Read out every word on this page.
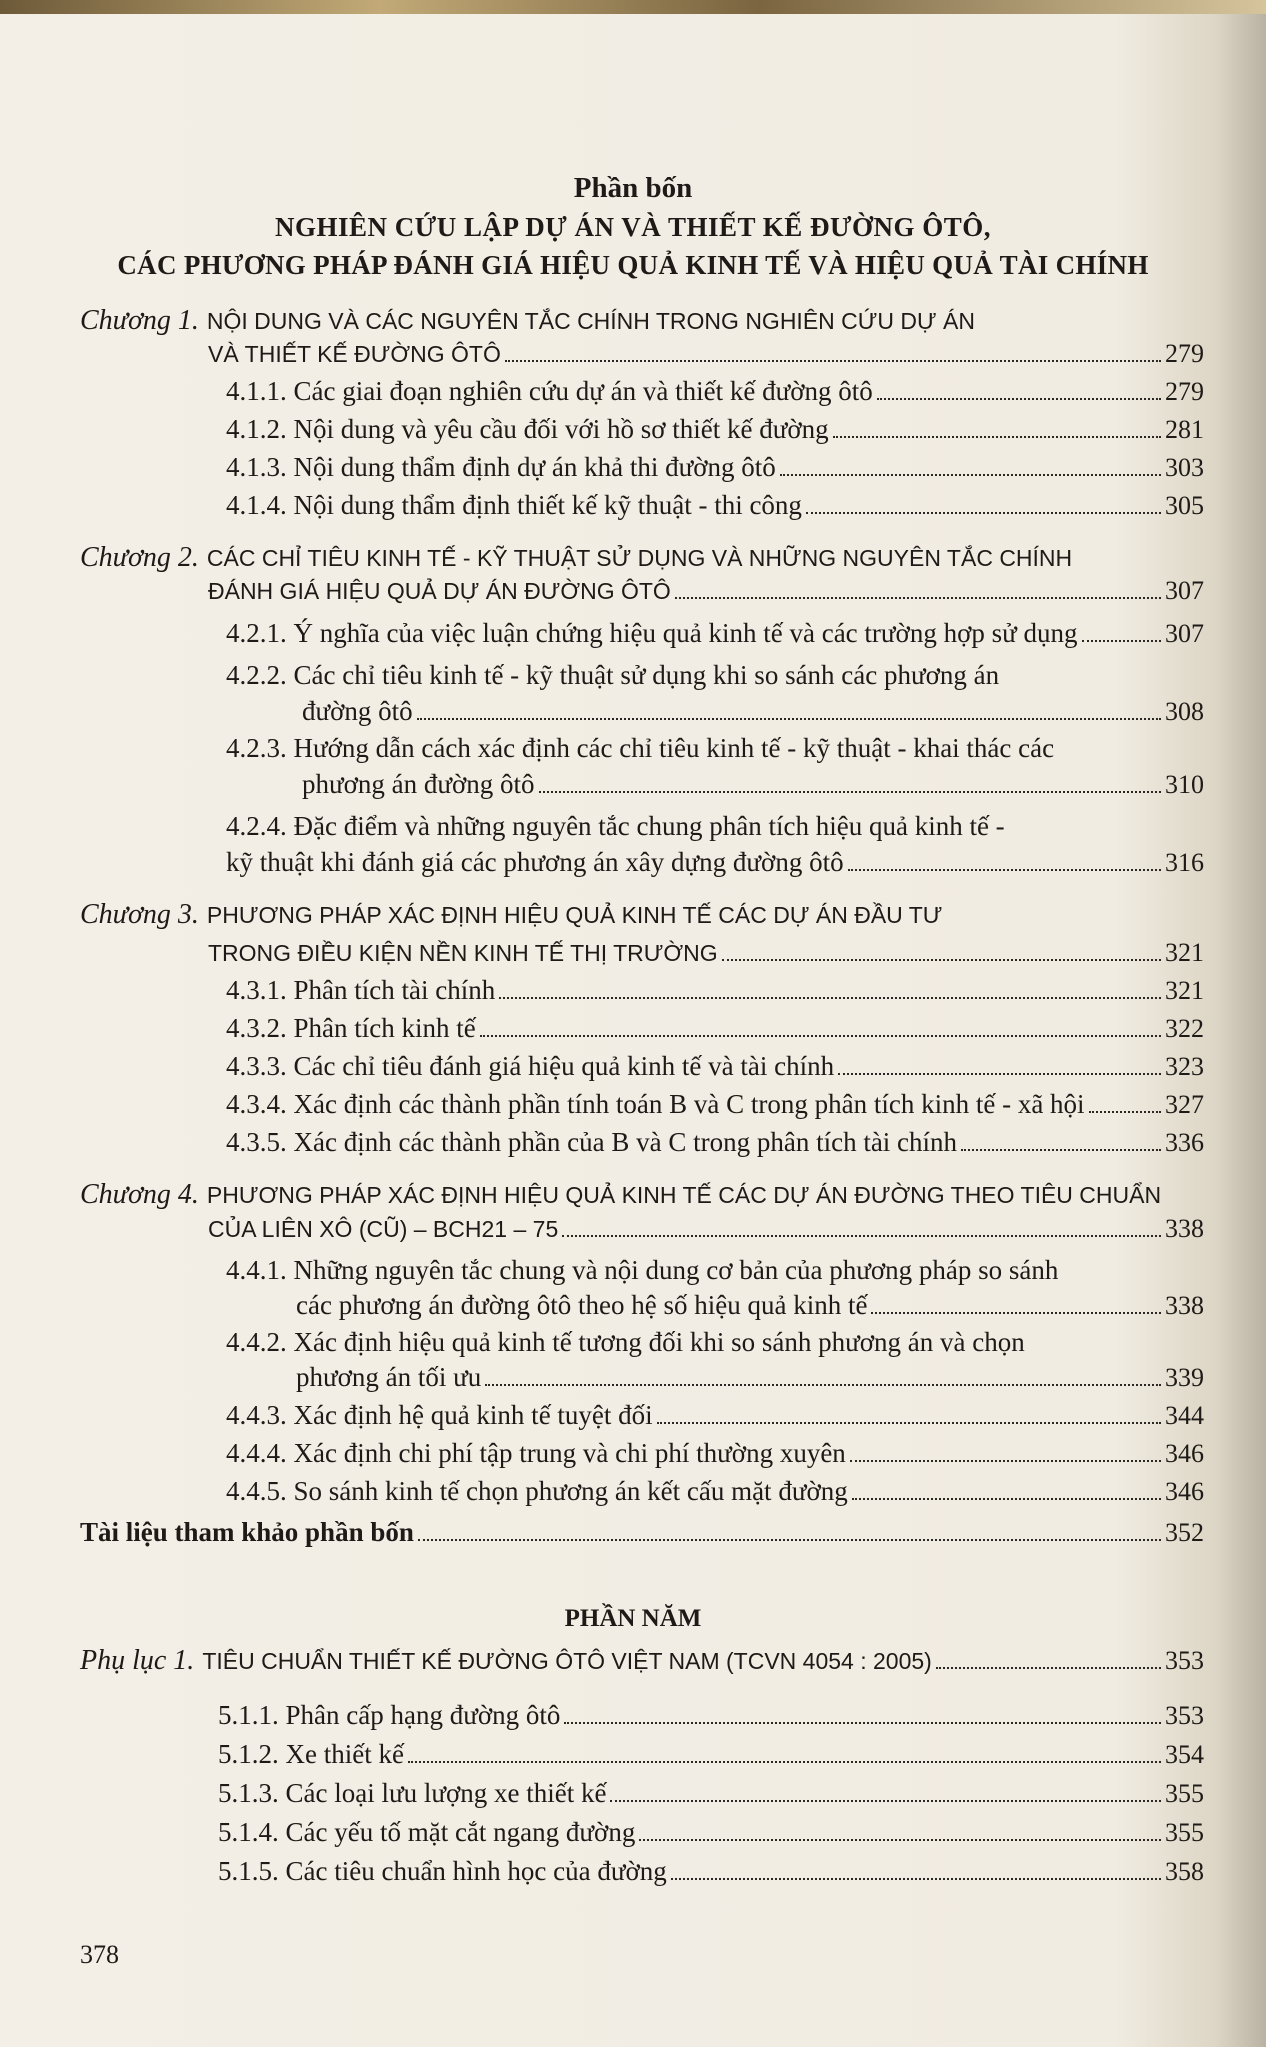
Phần bốn
NGHIÊN CỨU LẬP DỰ ÁN VÀ THIẾT KẾ ĐƯỜNG ÔTÔ,
CÁC PHƯƠNG PHÁP ĐÁNH GIÁ HIỆU QUẢ KINH TẾ VÀ HIỆU QUẢ TÀI CHÍNH
Chương 1. NỘI DUNG VÀ CÁC NGUYÊN TẮC CHÍNH TRONG NGHIÊN CỨU DỰ ÁN
VÀ THIẾT KẾ ĐƯỜNG ÔTÔ	279
4.1.1. Các giai đoạn nghiên cứu dự án và thiết kế đường ôtô	279
4.1.2. Nội dung và yêu cầu đối với hồ sơ thiết kế đường	281
4.1.3. Nội dung thẩm định dự án khả thi đường ôtô	303
4.1.4. Nội dung thẩm định thiết kế kỹ thuật - thi công	305
Chương 2. CÁC CHỈ TIÊU KINH TẾ - KỸ THUẬT SỬ DỤNG VÀ NHỮNG NGUYÊN TẮC CHÍNH
ĐÁNH GIÁ HIỆU QUẢ DỰ ÁN ĐƯỜNG ÔTÔ	307
4.2.1. Ý nghĩa của việc luận chứng hiệu quả kinh tế và các trường hợp sử dụng	307
4.2.2. Các chỉ tiêu kinh tế - kỹ thuật sử dụng khi so sánh các phương án
đường ôtô	308
4.2.3. Hướng dẫn cách xác định các chỉ tiêu kinh tế - kỹ thuật - khai thác các
phương án đường ôtô	310
4.2.4. Đặc điểm và những nguyên tắc chung phân tích hiệu quả kinh tế -
kỹ thuật khi đánh giá các phương án xây dựng đường ôtô	316
Chương 3. PHƯƠNG PHÁP XÁC ĐỊNH HIỆU QUẢ KINH TẾ CÁC DỰ ÁN ĐẦU TƯ
TRONG ĐIỀU KIỆN NỀN KINH TẾ THỊ TRƯỜNG	321
4.3.1. Phân tích tài chính	321
4.3.2. Phân tích kinh tế	322
4.3.3. Các chỉ tiêu đánh giá hiệu quả kinh tế và tài chính	323
4.3.4. Xác định các thành phần tính toán B và C trong phân tích kinh tế - xã hội	327
4.3.5. Xác định các thành phần của B và C trong phân tích tài chính	336
Chương 4. PHƯƠNG PHÁP XÁC ĐỊNH HIỆU QUẢ KINH TẾ CÁC DỰ ÁN ĐƯỜNG THEO TIÊU CHUẨN
CỦA LIÊN XÔ (CŨ) – BCH21 – 75	338
4.4.1. Những nguyên tắc chung và nội dung cơ bản của phương pháp so sánh
các phương án đường ôtô theo hệ số hiệu quả kinh tế	338
4.4.2. Xác định hiệu quả kinh tế tương đối khi so sánh phương án và chọn
phương án tối ưu	339
4.4.3. Xác định hệ quả kinh tế tuyệt đối	344
4.4.4. Xác định chi phí tập trung và chi phí thường xuyên	346
4.4.5. So sánh kinh tế chọn phương án kết cấu mặt đường	346
Tài liệu tham khảo phần bốn	352
PHẦN NĂM
Phụ lục 1. TIÊU CHUẨN THIẾT KẾ ĐƯỜNG ÔTÔ VIỆT NAM (TCVN 4054 : 2005)	353
5.1.1. Phân cấp hạng đường ôtô	353
5.1.2. Xe thiết kế	354
5.1.3. Các loại lưu lượng xe thiết kế	355
5.1.4. Các yếu tố mặt cắt ngang đường	355
5.1.5. Các tiêu chuẩn hình học của đường	358
378
